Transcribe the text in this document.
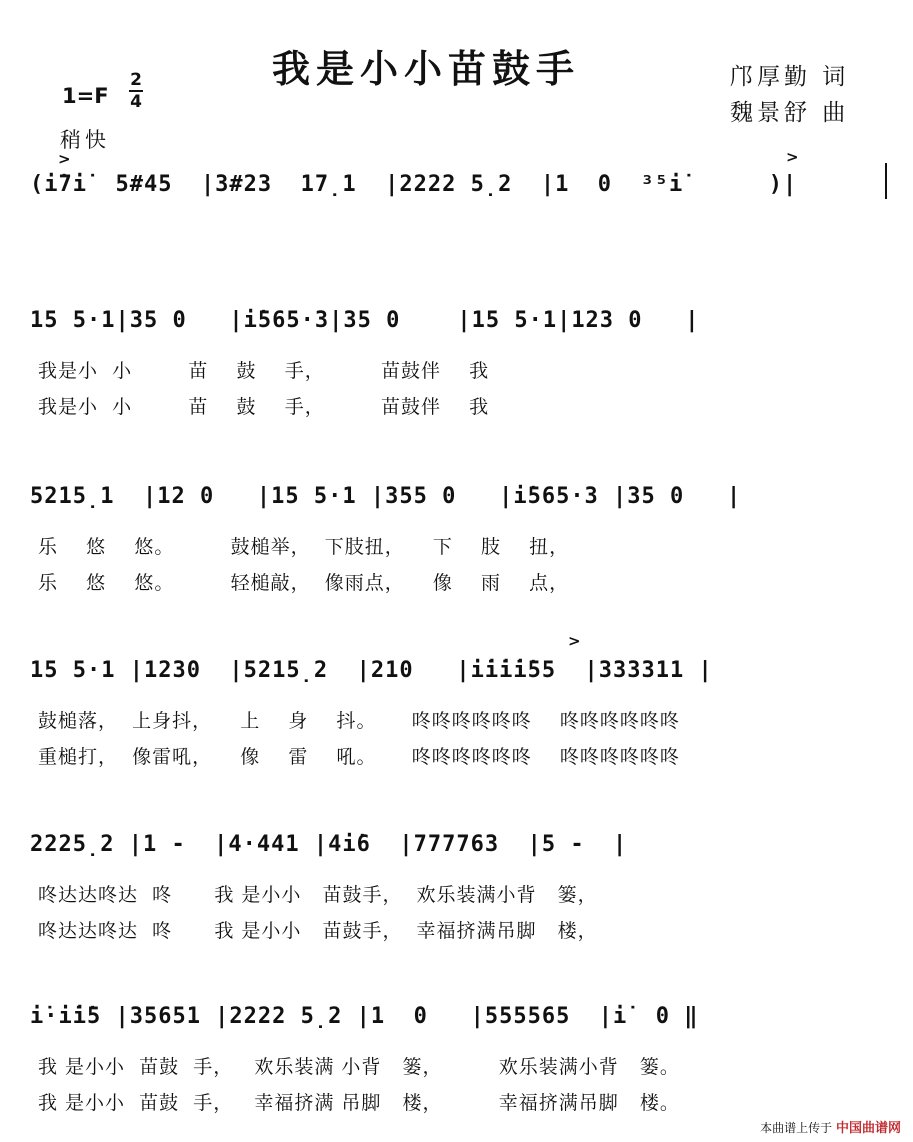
我是小小苗鼓手	邝厚勤 词
魏景舒 曲
1=F
2
4
稍快
>	>
(i̇7i̇  5#45  |3#23  17̣1  |2222 5̣2  |1  0  ³⁵i̇      )|
15 5·1|35 0   |i̇565·3|35 0    |15 5·1|123 0   |
我是小  小        苗    鼓    手，        苗鼓伴    我
我是小  小        苗    鼓    手，        苗鼓伴    我
5215̣1  |12 0   |15 5·1 |355 0   |i̇565·3 |35 0   |
乐    悠    悠。        鼓槌举，  下肢扭，    下    肢    扭，
乐    悠    悠。        轻槌敲，  像雨点，    像    雨    点，
>
15 5·1 |1230  |5215̣2  |210   |i̇i̇i̇i̇55  |333311 |
鼓槌落，  上身抖，    上    身    抖。     咚咚咚咚咚咚    咚咚咚咚咚咚
重槌打，  像雷吼，    像    雷    吼。     咚咚咚咚咚咚    咚咚咚咚咚咚
2225̣2 |1 -  |4·441 |4i̇6  |777763  |5 -  |
咚达达咚达  咚      我 是小小   苗鼓手，  欢乐装满小背   篓，
咚达达咚达  咚      我 是小小   苗鼓手，  幸福挤满吊脚   楼，
i̇·i̇i̇5 |35651 |2222 5̣2 |1  0   |555565  |i̇  0 ‖
我 是小小  苗鼓  手，   欢乐装满 小背   篓，        欢乐装满小背   篓。
我 是小小  苗鼓  手，   幸福挤满 吊脚   楼，        幸福挤满吊脚   楼。
本曲谱上传于 中国曲谱网
